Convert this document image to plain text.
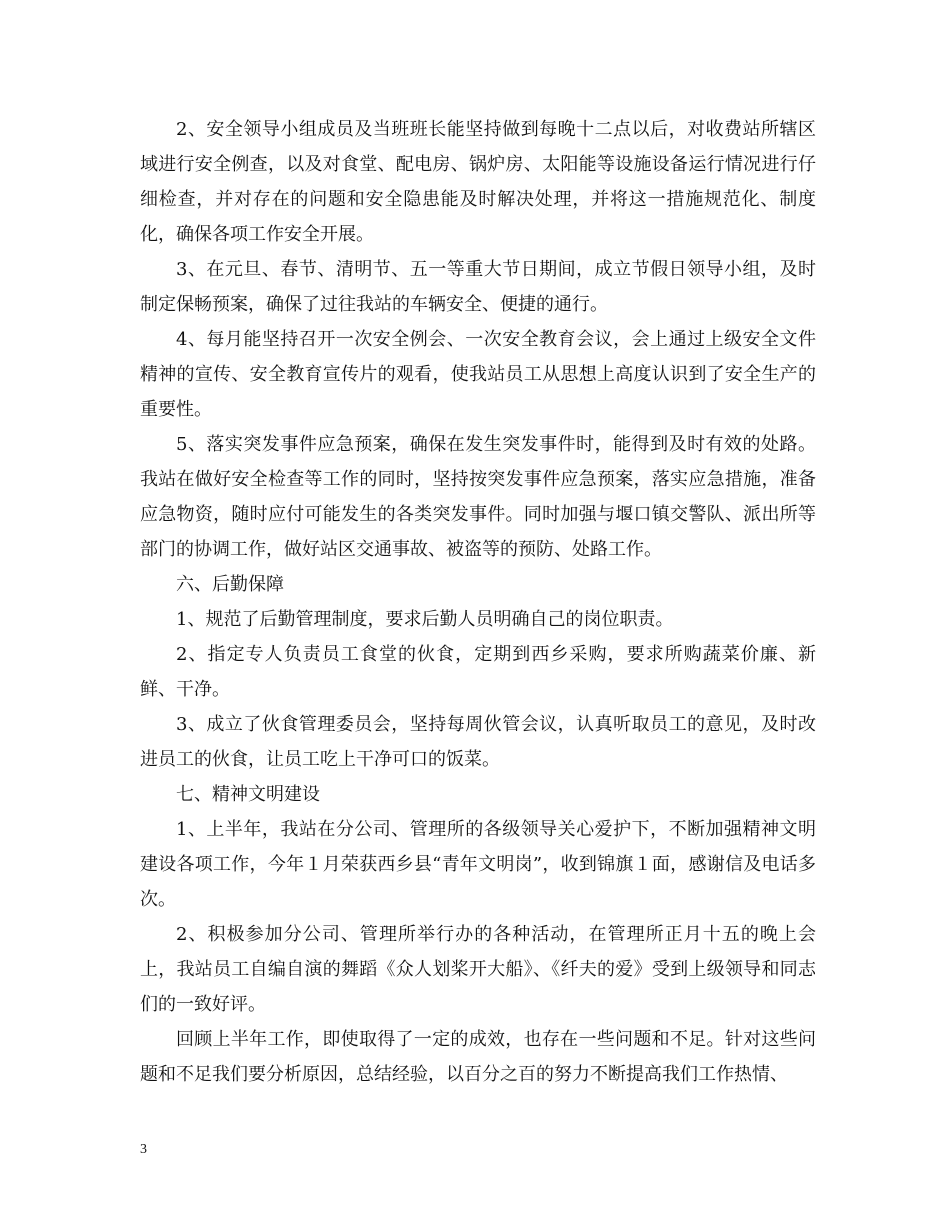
2、安全领导小组成员及当班班长能坚持做到每晚十二点以后，对收费站所辖区域进行安全例查，以及对食堂、配电房、锅炉房、太阳能等设施设备运行情况进行仔细检查，并对存在的问题和安全隐患能及时解决处理，并将这一措施规范化、制度化，确保各项工作安全开展。

3、在元旦、春节、清明节、五一等重大节日期间，成立节假日领导小组，及时制定保畅预案，确保了过往我站的车辆安全、便捷的通行。

4、每月能坚持召开一次安全例会、一次安全教育会议，会上通过上级安全文件精神的宣传、安全教育宣传片的观看，使我站员工从思想上高度认识到了安全生产的重要性。

5、落实突发事件应急预案，确保在发生突发事件时，能得到及时有效的处路。我站在做好安全检查等工作的同时，坚持按突发事件应急预案，落实应急措施，准备应急物资，随时应付可能发生的各类突发事件。同时加强与堰口镇交警队、派出所等部门的协调工作，做好站区交通事故、被盗等的预防、处路工作。

六、后勤保障

1、规范了后勤管理制度，要求后勤人员明确自己的岗位职责。

2、指定专人负责员工食堂的伙食，定期到西乡采购，要求所购蔬菜价廉、新鲜、干净。

3、成立了伙食管理委员会，坚持每周伙管会议，认真听取员工的意见，及时改进员工的伙食，让员工吃上干净可口的饭菜。

七、精神文明建设

1、上半年，我站在分公司、管理所的各级领导关心爱护下，不断加强精神文明建设各项工作，今年１月荣获西乡县“青年文明岗”，收到锦旗１面，感谢信及电话多次。

2、积极参加分公司、管理所举行办的各种活动，在管理所正月十五的晚上会上，我站员工自编自演的舞蹈《众人划桨开大船》、《纤夫的爱》受到上级领导和同志们的一致好评。

回顾上半年工作，即使取得了一定的成效，也存在一些问题和不足。针对这些问题和不足我们要分析原因，总结经验，以百分之百的努力不断提高我们工作热情、

3
